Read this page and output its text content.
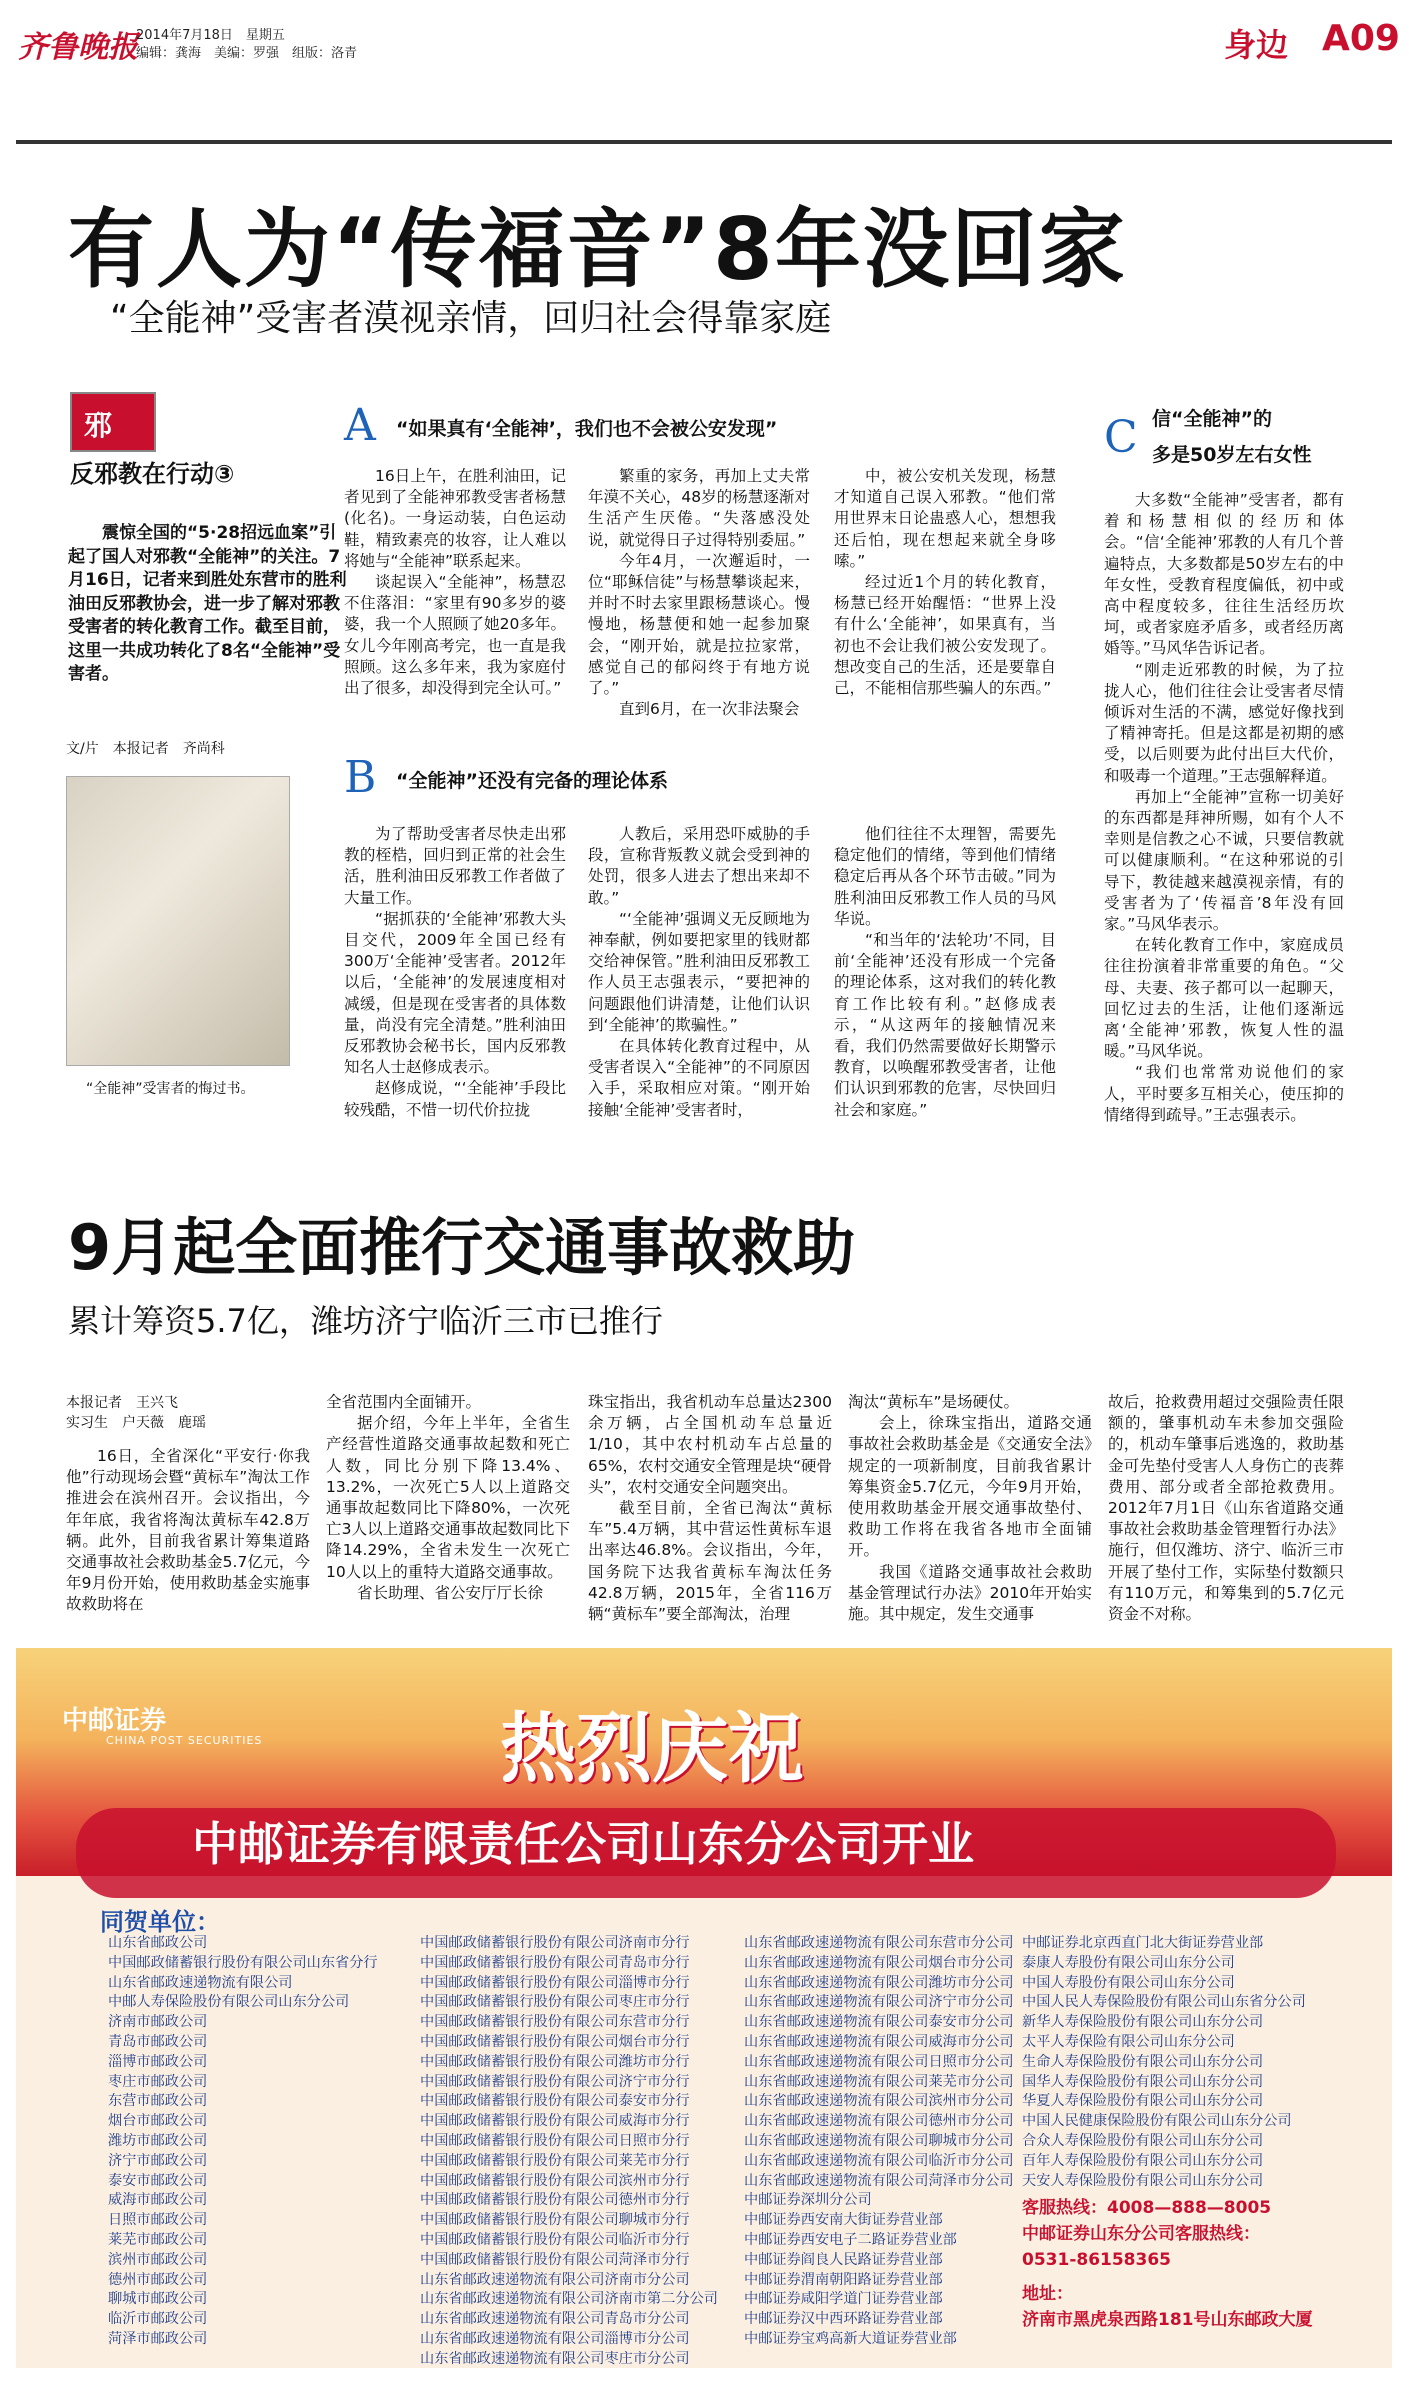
齐鲁晚报
2014年7月18日　星期五
编辑：龚海　美编：罗强　组版：洛青	身边 A09
有人为“传福音”8年没回家
“全能神”受害者漠视亲情，回归社会得靠家庭
邪
反邪教在行动③

震惊全国的“5·28招远血案”引起了国人对邪教“全能神”的关注。7月16日，记者来到胜处东营市的胜利油田反邪教协会，进一步了解对邪教受害者的转化教育工作。截至目前，这里一共成功转化了8名“全能神”受害者。

文/片　本报记者　齐尚科
“全能神”受害者的悔过书。
A “如果真有‘全能神’，我们也不会被公安发现”

16日上午，在胜利油田，记者见到了全能神邪教受害者杨慧(化名)。一身运动装，白色运动鞋，精致素亮的妆容，让人难以将她与“全能神”联系起来。

谈起误入“全能神”，杨慧忍不住落泪：“家里有90多岁的婆婆，我一个人照顾了她20多年。女儿今年刚高考完，也一直是我照顾。这么多年来，我为家庭付出了很多，却没得到完全认可。”

繁重的家务，再加上丈夫常年漠不关心，48岁的杨慧逐渐对生活产生厌倦。“失落感没处说，就觉得日子过得特别委屈。”

今年4月，一次邂逅时，一位“耶稣信徒”与杨慧攀谈起来，并时不时去家里跟杨慧谈心。慢慢地，杨慧便和她一起参加聚会，“刚开始，就是拉拉家常，感觉自己的郁闷终于有地方说了。”

直到6月，在一次非法聚会

中，被公安机关发现，杨慧才知道自己误入邪教。“他们常用世界末日论蛊惑人心，想想我还后怕，现在想起来就全身哆嗦。”

经过近1个月的转化教育，杨慧已经开始醒悟：“世界上没有什么‘全能神’，如果真有，当初也不会让我们被公安发现了。想改变自己的生活，还是要靠自己，不能相信那些骗人的东西。”

B “全能神”还没有完备的理论体系

为了帮助受害者尽快走出邪教的桎梏，回归到正常的社会生活，胜利油田反邪教工作者做了大量工作。

“据抓获的‘全能神’邪教大头目交代，2009年全国已经有300万‘全能神’受害者。2012年以后，‘全能神’的发展速度相对减缓，但是现在受害者的具体数量，尚没有完全清楚。”胜利油田反邪教协会秘书长，国内反邪教知名人士赵修成表示。

赵修成说，“‘全能神’手段比较残酷，不惜一切代价拉拢

人教后，采用恐吓威胁的手段，宣称背叛教义就会受到神的处罚，很多人进去了想出来却不敢。”

“‘全能神’强调义无反顾地为神奉献，例如要把家里的钱财都交给神保管。”胜利油田反邪教工作人员王志强表示，“要把神的问题跟他们讲清楚，让他们认识到‘全能神’的欺骗性。”

在具体转化教育过程中，从受害者误入“全能神”的不同原因入手，采取相应对策。“刚开始接触‘全能神’受害者时，

他们往往不太理智，需要先稳定他们的情绪，等到他们情绪稳定后再从各个环节击破。”同为胜利油田反邪教工作人员的马风华说。

“和当年的‘法轮功’不同，目前‘全能神’还没有形成一个完备的理论体系，这对我们的转化教育工作比较有利。”赵修成表示，“从这两年的接触情况来看，我们仍然需要做好长期警示教育，以唤醒邪教受害者，让他们认识到邪教的危害，尽快回归社会和家庭。”

C 信“全能神”的
多是50岁左右女性

大多数“全能神”受害者，都有着和杨慧相似的经历和体会。“信‘全能神’邪教的人有几个普遍特点，大多数都是50岁左右的中年女性，受教育程度偏低，初中或高中程度较多，往往生活经历坎坷，或者家庭矛盾多，或者经历离婚等。”马风华告诉记者。

“刚走近邪教的时候，为了拉拢人心，他们往往会让受害者尽情倾诉对生活的不满，感觉好像找到了精神寄托。但是这都是初期的感受，以后则要为此付出巨大代价，和吸毒一个道理。”王志强解释道。

再加上“全能神”宣称一切美好的东西都是拜神所赐，如有个人不幸则是信教之心不诚，只要信教就可以健康顺利。“在这种邪说的引导下，教徒越来越漠视亲情，有的受害者为了‘传福音’8年没有回家。”马风华表示。

在转化教育工作中，家庭成员往往扮演着非常重要的角色。“父母、夫妻、孩子都可以一起聊天，回忆过去的生活，让他们逐渐远离‘全能神’邪教，恢复人性的温暖。”马风华说。

“我们也常常劝说他们的家人，平时要多互相关心，使压抑的情绪得到疏导。”王志强表示。

9月起全面推行交通事故救助
累计筹资5.7亿，潍坊济宁临沂三市已推行
本报记者　王兴飞
实习生　户天薇　鹿瑶

16日，全省深化“平安行·你我他”行动现场会暨“黄标车”淘汰工作推进会在滨州召开。会议指出，今年年底，我省将淘汰黄标车42.8万辆。此外，目前我省累计筹集道路交通事故社会救助基金5.7亿元，今年9月份开始，使用救助基金实施事故救助将在

全省范围内全面铺开。

据介绍，今年上半年，全省生产经营性道路交通事故起数和死亡人数，同比分别下降13.4%、13.2%，一次死亡5人以上道路交通事故起数同比下降80%，一次死亡3人以上道路交通事故起数同比下降14.29%，全省未发生一次死亡10人以上的重特大道路交通事故。

省长助理、省公安厅厅长徐

珠宝指出，我省机动车总量达2300余万辆，占全国机动车总量近1/10，其中农村机动车占总量的65%，农村交通安全管理是块“硬骨头”，农村交通安全问题突出。

截至目前，全省已淘汰“黄标车”5.4万辆，其中营运性黄标车退出率达46.8%。会议指出，今年，国务院下达我省黄标车淘汰任务42.8万辆，2015年，全省116万辆“黄标车”要全部淘汰，治理

淘汰“黄标车”是场硬仗。

会上，徐珠宝指出，道路交通事故社会救助基金是《交通安全法》规定的一项新制度，目前我省累计筹集资金5.7亿元，今年9月开始，使用救助基金开展交通事故垫付、救助工作将在我省各地市全面铺开。

我国《道路交通事故社会救助基金管理试行办法》2010年开始实施。其中规定，发生交通事

故后，抢救费用超过交强险责任限额的，肇事机动车未参加交强险的，机动车肇事后逃逸的，救助基金可先垫付受害人人身伤亡的丧葬费用、部分或者全部抢救费用。2012年7月1日《山东省道路交通事故社会救助基金管理暂行办法》施行，但仅潍坊、济宁、临沂三市开展了垫付工作，实际垫付数额只有110万元，和筹集到的5.7亿元资金不对称。

中邮证券
CHINA POST SECURITIES	热烈庆祝
中邮证券有限责任公司山东分公司开业
同贺单位：
山东省邮政公司
中国邮政储蓄银行股份有限公司山东省分行
山东省邮政速递物流有限公司
中邮人寿保险股份有限公司山东分公司
济南市邮政公司
青岛市邮政公司
淄博市邮政公司
枣庄市邮政公司
东营市邮政公司
烟台市邮政公司
潍坊市邮政公司
济宁市邮政公司
泰安市邮政公司
威海市邮政公司
日照市邮政公司
莱芜市邮政公司
滨州市邮政公司
德州市邮政公司
聊城市邮政公司
临沂市邮政公司
菏泽市邮政公司
中国邮政储蓄银行股份有限公司济南市分行
中国邮政储蓄银行股份有限公司青岛市分行
中国邮政储蓄银行股份有限公司淄博市分行
中国邮政储蓄银行股份有限公司枣庄市分行
中国邮政储蓄银行股份有限公司东营市分行
中国邮政储蓄银行股份有限公司烟台市分行
中国邮政储蓄银行股份有限公司潍坊市分行
中国邮政储蓄银行股份有限公司济宁市分行
中国邮政储蓄银行股份有限公司泰安市分行
中国邮政储蓄银行股份有限公司威海市分行
中国邮政储蓄银行股份有限公司日照市分行
中国邮政储蓄银行股份有限公司莱芜市分行
中国邮政储蓄银行股份有限公司滨州市分行
中国邮政储蓄银行股份有限公司德州市分行
中国邮政储蓄银行股份有限公司聊城市分行
中国邮政储蓄银行股份有限公司临沂市分行
中国邮政储蓄银行股份有限公司菏泽市分行
山东省邮政速递物流有限公司济南市分公司
山东省邮政速递物流有限公司济南市第二分公司
山东省邮政速递物流有限公司青岛市分公司
山东省邮政速递物流有限公司淄博市分公司
山东省邮政速递物流有限公司枣庄市分公司
山东省邮政速递物流有限公司东营市分公司
山东省邮政速递物流有限公司烟台市分公司
山东省邮政速递物流有限公司潍坊市分公司
山东省邮政速递物流有限公司济宁市分公司
山东省邮政速递物流有限公司泰安市分公司
山东省邮政速递物流有限公司威海市分公司
山东省邮政速递物流有限公司日照市分公司
山东省邮政速递物流有限公司莱芜市分公司
山东省邮政速递物流有限公司滨州市分公司
山东省邮政速递物流有限公司德州市分公司
山东省邮政速递物流有限公司聊城市分公司
山东省邮政速递物流有限公司临沂市分公司
山东省邮政速递物流有限公司菏泽市分公司
中邮证券深圳分公司
中邮证券西安南大街证券营业部
中邮证券西安电子二路证券营业部
中邮证券阎良人民路证券营业部
中邮证券渭南朝阳路证券营业部
中邮证券咸阳学道门证券营业部
中邮证券汉中西环路证券营业部
中邮证券宝鸡高新大道证券营业部
中邮证券北京西直门北大街证券营业部
泰康人寿股份有限公司山东分公司
中国人寿股份有限公司山东分公司
中国人民人寿保险股份有限公司山东省分公司
新华人寿保险股份有限公司山东分公司
太平人寿保险有限公司山东分公司
生命人寿保险股份有限公司山东分公司
国华人寿保险股份有限公司山东分公司
华夏人寿保险股份有限公司山东分公司
中国人民健康保险股份有限公司山东分公司
合众人寿保险股份有限公司山东分公司
百年人寿保险股份有限公司山东分公司
天安人寿保险股份有限公司山东分公司
客服热线：4008—888—8005
中邮证券山东分公司客服热线：
0531-86158365
地址：
济南市黑虎泉西路181号山东邮政大厦
